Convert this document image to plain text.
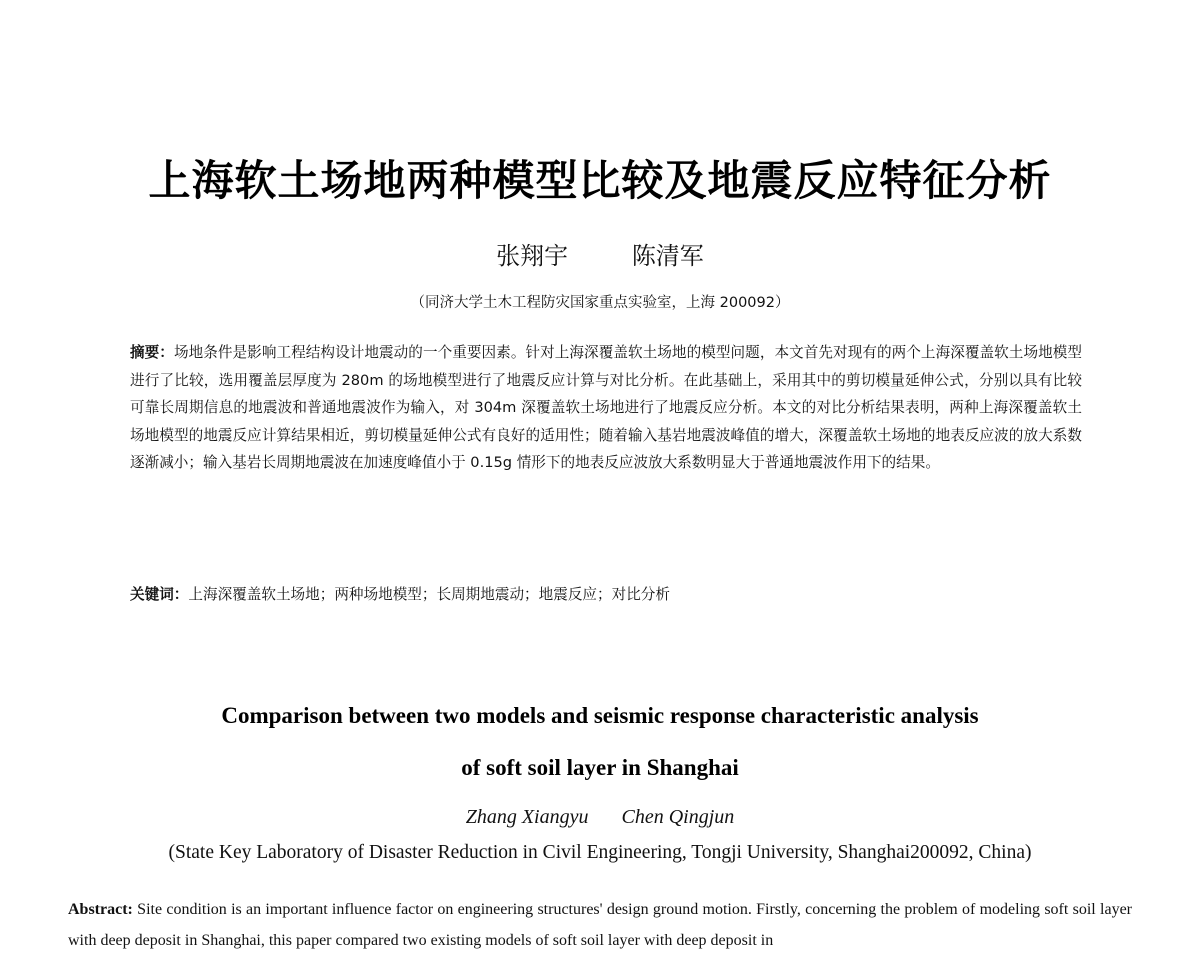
上海软土场地两种模型比较及地震反应特征分析
张翔宇	陈清军
（同济大学土木工程防灾国家重点实验室，上海 200092）
摘要：场地条件是影响工程结构设计地震动的一个重要因素。针对上海深覆盖软土场地的模型问题，本文首先对现有的两个上海深覆盖软土场地模型进行了比较，选用覆盖层厚度为 280m 的场地模型进行了地震反应计算与对比分析。在此基础上，采用其中的剪切模量延伸公式，分别以具有比较可靠长周期信息的地震波和普通地震波作为输入，对 304m 深覆盖软土场地进行了地震反应分析。本文的对比分析结果表明，两种上海深覆盖软土场地模型的地震反应计算结果相近，剪切模量延伸公式有良好的适用性；随着输入基岩地震波峰值的增大，深覆盖软土场地的地表反应波的放大系数逐渐减小；输入基岩长周期地震波在加速度峰值小于 0.15g 情形下的地表反应波放大系数明显大于普通地震波作用下的结果。
关键词：上海深覆盖软土场地；两种场地模型；长周期地震动；地震反应；对比分析
Comparison between two models and seismic response characteristic analysis
of soft soil layer in Shanghai
Zhang Xiangyu Chen Qingjun
(State Key Laboratory of Disaster Reduction in Civil Engineering, Tongji University, Shanghai200092, China)
Abstract: Site condition is an important influence factor on engineering structures' design ground motion. Firstly, concerning the problem of modeling soft soil layer with deep deposit in Shanghai, this paper compared two existing models of soft soil layer with deep deposit in
